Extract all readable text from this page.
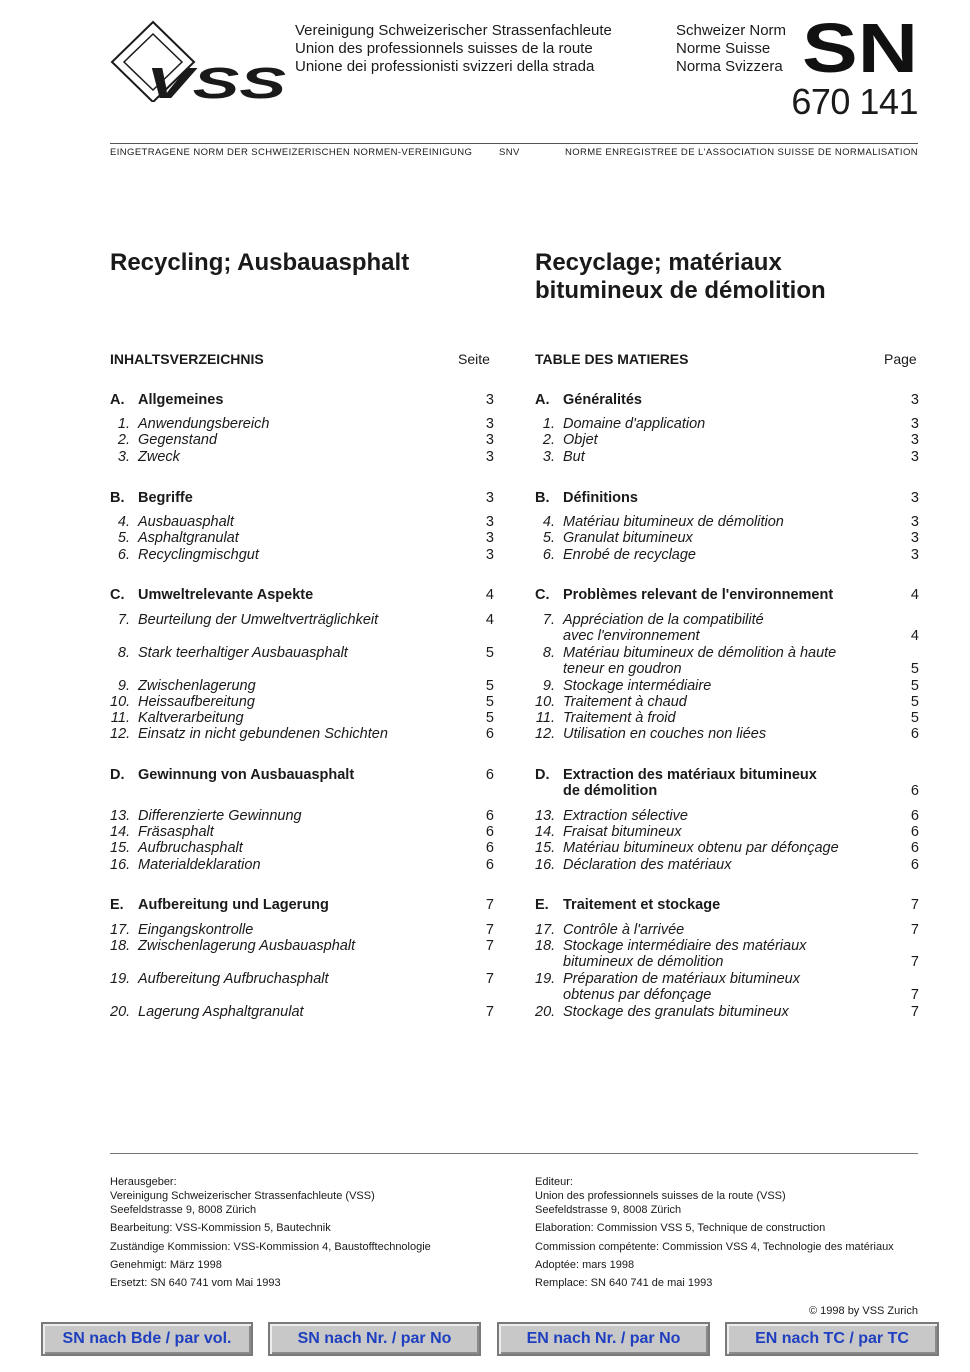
VSS
Vereinigung Schweizerischer Strassenfachleute
Union des professionnels suisses de la route
Unione dei professionisti svizzeri della strada
Schweizer Norm
Norme Suisse
Norma Svizzera SN
670 141
EINGETRAGENE NORM DER SCHWEIZERISCHEN NORMEN-VEREINIGUNG	SNV	NORME ENREGISTREE DE L'ASSOCIATION SUISSE DE NORMALISATION
Recycling; Ausbauasphalt	Recyclage; matériaux
bitumineux de démolition
INHALTSVERZEICHNIS	Seite	TABLE DES MATIERES	Page
A. Allgemeines	3
1. Anwendungsbereich	3
2. Gegenstand	3
3. Zweck	3
B. Begriffe	3
4. Ausbauasphalt	3
5. Asphaltgranulat	3
6. Recyclingmischgut	3
C. Umweltrelevante Aspekte	4
7. Beurteilung der Umweltverträglichkeit	4
8. Stark teerhaltiger Ausbauasphalt	5
9. Zwischenlagerung	5
10. Heissaufbereitung	5
11. Kaltverarbeitung	5
12. Einsatz in nicht gebundenen Schichten	6
D. Gewinnung von Ausbauasphalt	6
13. Differenzierte Gewinnung	6
14. Fräsasphalt	6
15. Aufbruchasphalt	6
16. Materialdeklaration	6
E. Aufbereitung und Lagerung	7
17. Eingangskontrolle	7
18. Zwischenlagerung Ausbauasphalt	7
19. Aufbereitung Aufbruchasphalt	7
20. Lagerung Asphaltgranulat	7
A. Généralités	3
1. Domaine d'application	3
2. Objet	3
3. But	3
B. Définitions	3
4. Matériau bitumineux de démolition	3
5. Granulat bitumineux	3
6. Enrobé de recyclage	3
C. Problèmes relevant de l'environnement	4
7. Appréciation de la compatibilité
avec l'environnement	4
8. Matériau bitumineux de démolition à haute
teneur en goudron	5
9. Stockage intermédiaire	5
10. Traitement à chaud	5
11. Traitement à froid	5
12. Utilisation en couches non liées	6
D. Extraction des matériaux bitumineux
de démolition	6
13. Extraction sélective	6
14. Fraisat bitumineux	6
15. Matériau bitumineux obtenu par défonçage	6
16. Déclaration des matériaux	6
E. Traitement et stockage	7
17. Contrôle à l'arrivée	7
18. Stockage intermédiaire des matériaux
bitumineux de démolition	7
19. Préparation de matériaux bitumineux
obtenus par défonçage	7
20. Stockage des granulats bitumineux	7
Herausgeber:
Vereinigung Schweizerischer Strassenfachleute (VSS)
Seefeldstrasse 9, 8008 Zürich
Bearbeitung: VSS-Kommission 5, Bautechnik
Zuständige Kommission: VSS-Kommission 4, Baustofftechnologie
Genehmigt: März 1998
Ersetzt: SN 640 741 vom Mai 1993
Editeur:
Union des professionnels suisses de la route (VSS)
Seefeldstrasse 9, 8008 Zürich
Elaboration: Commission VSS 5, Technique de construction
Commission compétente: Commission VSS 4, Technologie des matériaux
Adoptée: mars 1998
Remplace: SN 640 741 de mai 1993
© 1998 by VSS Zurich
SN nach Bde / par vol.	SN nach Nr. / par No	EN nach Nr. / par No	EN nach TC / par TC
